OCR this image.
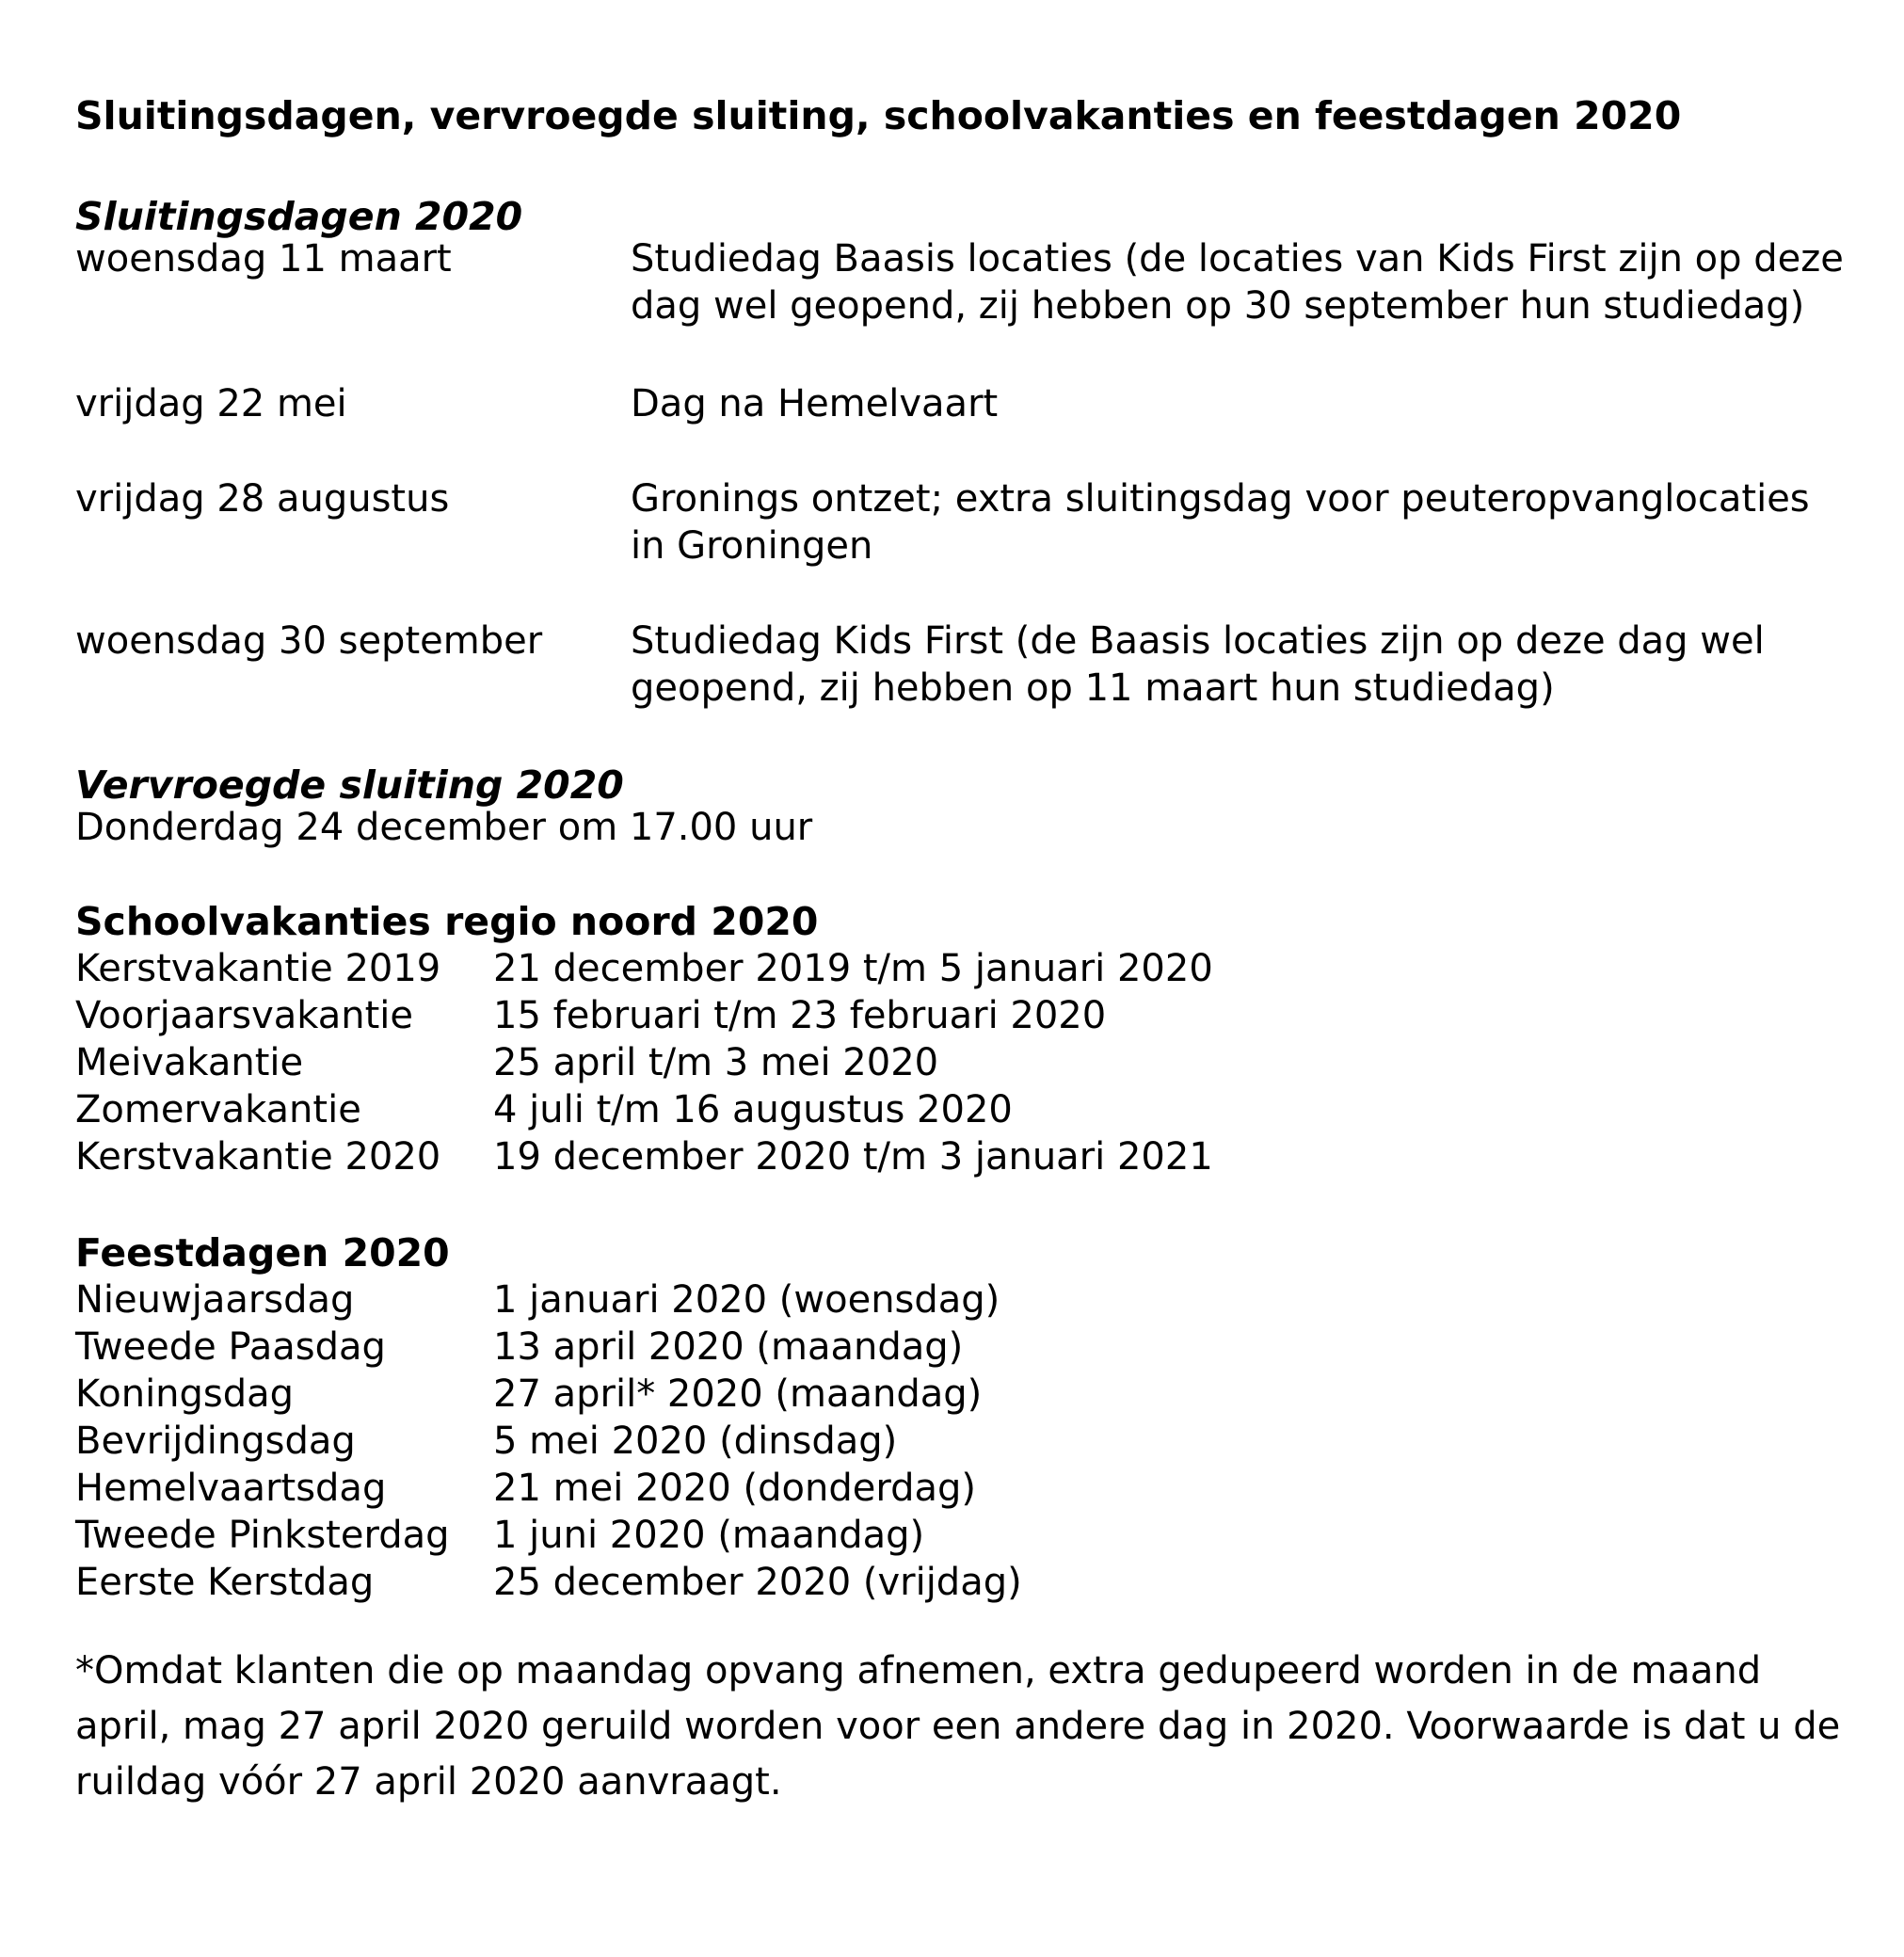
Sluitingsdagen, vervroegde sluiting, schoolvakanties en feestdagen 2020
Sluitingsdagen 2020
woensdag 11 maart	Studiedag Baasis locaties (de locaties van Kids First zijn op deze dag wel geopend, zij hebben op 30 september hun studiedag)
vrijdag 22 mei	Dag na Hemelvaart
vrijdag 28 augustus	Gronings ontzet; extra sluitingsdag voor peuteropvanglocaties in Groningen
woensdag 30 september	Studiedag Kids First (de Baasis locaties zijn op deze dag wel geopend, zij hebben op 11 maart hun studiedag)
Vervroegde sluiting 2020
Donderdag 24 december om 17.00 uur
Schoolvakanties regio noord 2020
Kerstvakantie 2019	21 december 2019 t/m 5 januari 2020
Voorjaarsvakantie	15 februari t/m 23 februari 2020
Meivakantie	25 april t/m 3 mei 2020
Zomervakantie	4 juli t/m 16 augustus 2020
Kerstvakantie 2020	19 december 2020 t/m 3 januari 2021
Feestdagen 2020
Nieuwjaarsdag	1 januari 2020 (woensdag)
Tweede Paasdag	13 april 2020 (maandag)
Koningsdag	27 april* 2020 (maandag)
Bevrijdingsdag	5 mei 2020 (dinsdag)
Hemelvaartsdag	21 mei 2020 (donderdag)
Tweede Pinksterdag	1 juni 2020 (maandag)
Eerste Kerstdag	25 december 2020 (vrijdag)
*Omdat klanten die op maandag opvang afnemen, extra gedupeerd worden in de maand april, mag 27 april 2020 geruild worden voor een andere dag in 2020. Voorwaarde is dat u de ruildag vóór 27 april 2020 aanvraagt.
